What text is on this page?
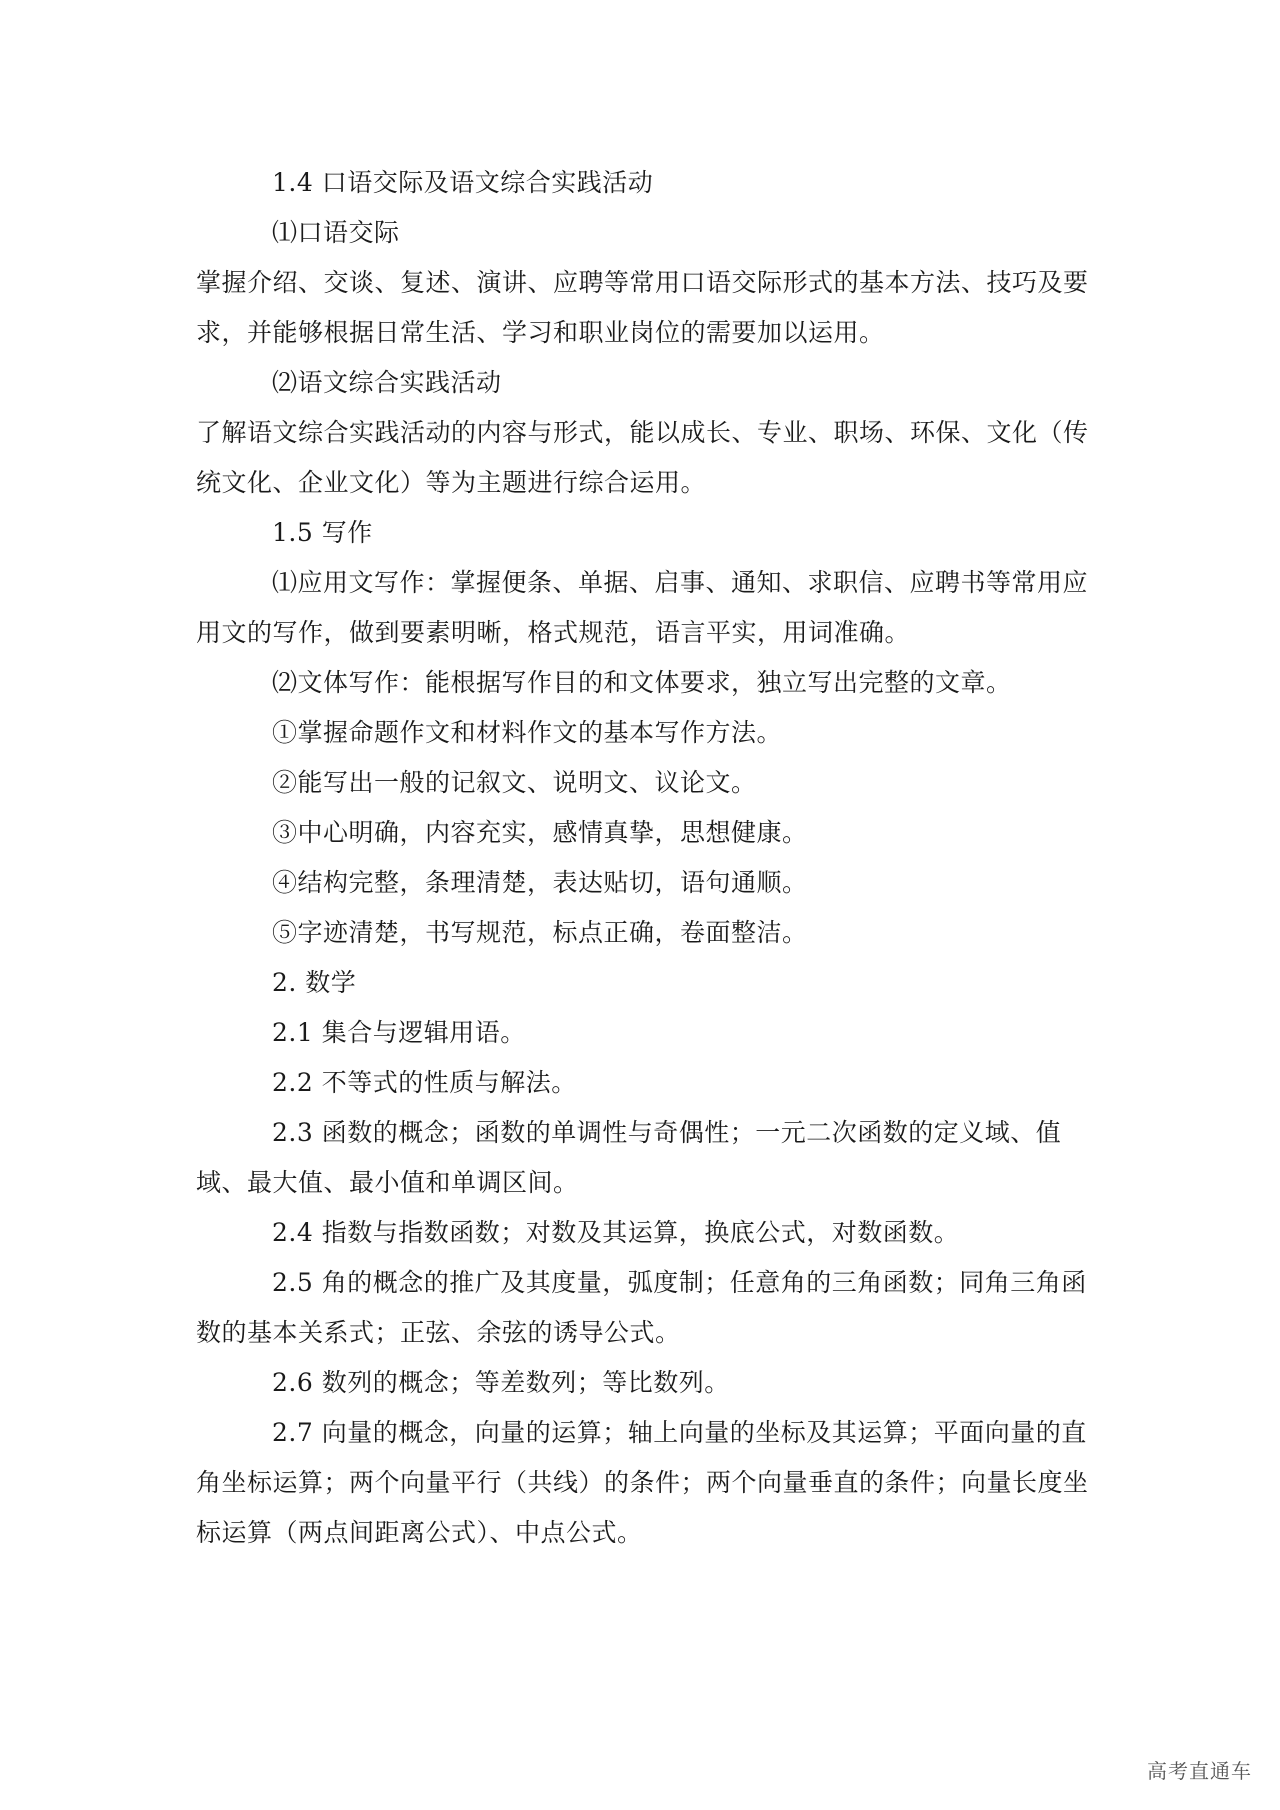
1.4 口语交际及语文综合实践活动

⑴口语交际

掌握介绍、交谈、复述、演讲、应聘等常用口语交际形式的基本方法、技巧及要求，并能够根据日常生活、学习和职业岗位的需要加以运用。

⑵语文综合实践活动

了解语文综合实践活动的内容与形式，能以成长、专业、职场、环保、文化（传统文化、企业文化）等为主题进行综合运用。

1.5 写作

⑴应用文写作：掌握便条、单据、启事、通知、求职信、应聘书等常用应用文的写作，做到要素明晰，格式规范，语言平实，用词准确。

⑵文体写作：能根据写作目的和文体要求，独立写出完整的文章。

①掌握命题作文和材料作文的基本写作方法。

②能写出一般的记叙文、说明文、议论文。

③中心明确，内容充实，感情真挚，思想健康。

④结构完整，条理清楚，表达贴切，语句通顺。

⑤字迹清楚，书写规范，标点正确，卷面整洁。

2. 数学

2.1 集合与逻辑用语。

2.2 不等式的性质与解法。

2.3 函数的概念；函数的单调性与奇偶性；一元二次函数的定义域、值域、最大值、最小值和单调区间。

2.4 指数与指数函数；对数及其运算，换底公式，对数函数。

2.5 角的概念的推广及其度量，弧度制；任意角的三角函数；同角三角函数的基本关系式；正弦、余弦的诱导公式。

2.6 数列的概念；等差数列；等比数列。

2.7 向量的概念，向量的运算；轴上向量的坐标及其运算；平面向量的直角坐标运算；两个向量平行（共线）的条件；两个向量垂直的条件；向量长度坐标运算（两点间距离公式）、中点公式。

高考直通车
